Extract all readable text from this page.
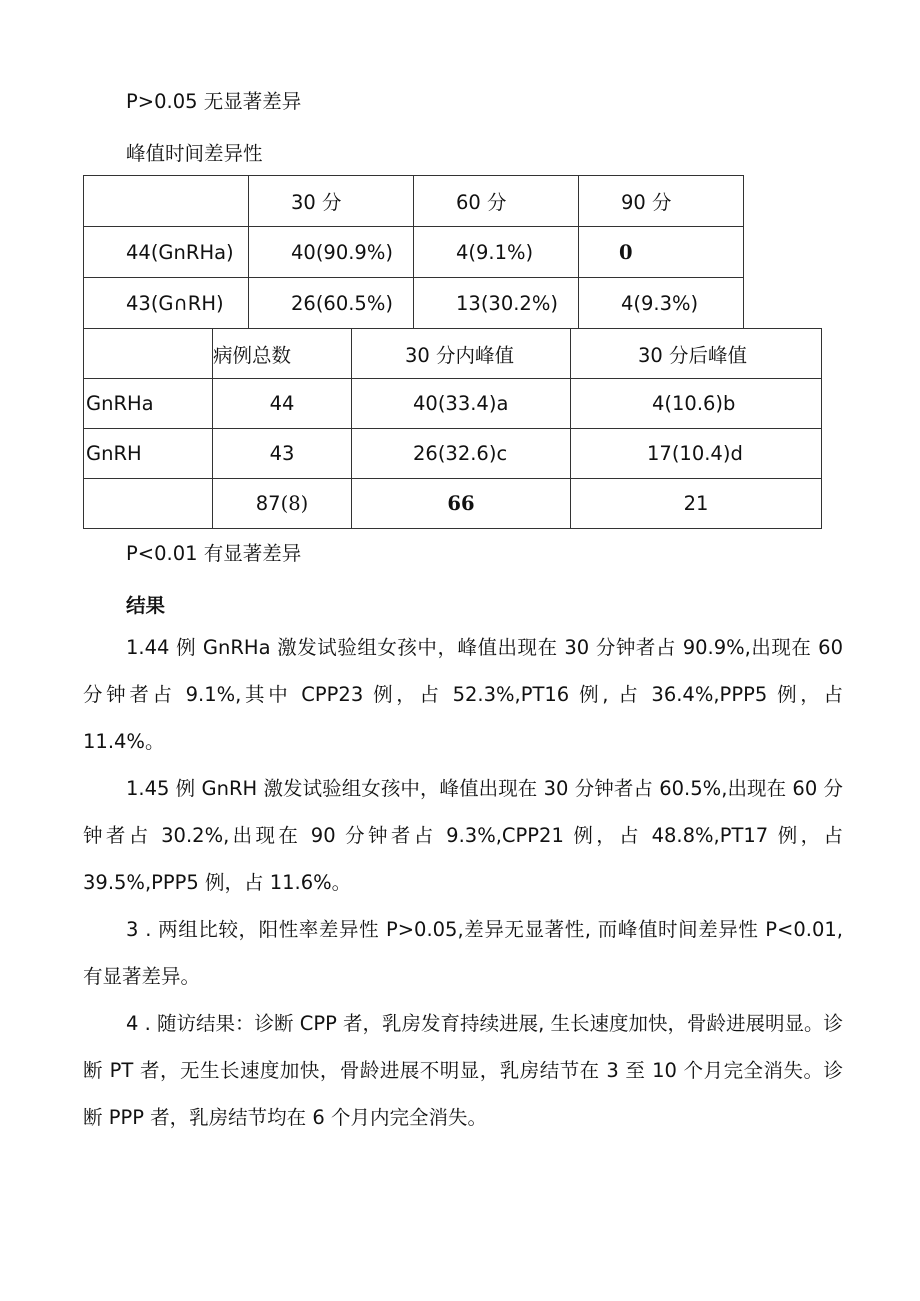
P>0.05 无显著差异
峰值时间差异性
	30 分	60 分	90 分
44(GnRHa)	40(90.9%)	4(9.1%)	0
43(G∩RH)	26(60.5%)	13(30.2%)	4(9.3%)
	病例总数	30 分内峰值	30 分后峰值
GnRHa	44	40(33.4)a	4(10.6)b
GnRH	43	26(32.6)c	17(10.4)d
	87(8)	66	21
P<0.01 有显著差异
结果

1.44 例 GnRHa 激发试验组女孩中，峰值出现在 30 分钟者占 90.9%,出现在 60 分钟者占 9.1%,其中 CPP23 例，占 52.3%,PT16 例, 占 36.4%,PPP5 例，占 11.4%。

1.45 例 GnRH 激发试验组女孩中，峰值出现在 30 分钟者占 60.5%,出现在 60 分钟者占 30.2%,出现在 90 分钟者占 9.3%,CPP21 例，占 48.8%,PT17 例，占 39.5%,PPP5 例，占 11.6%。

3 . 两组比较，阳性率差异性 P>0.05,差异无显著性, 而峰值时间差异性 P<0.01, 有显著差异。

4 . 随访结果：诊断 CPP 者，乳房发育持续进展, 生长速度加快，骨龄进展明显。诊断 PT 者，无生长速度加快，骨龄进展不明显，乳房结节在 3 至 10 个月完全消失。诊断 PPP 者，乳房结节均在 6 个月内完全消失。
